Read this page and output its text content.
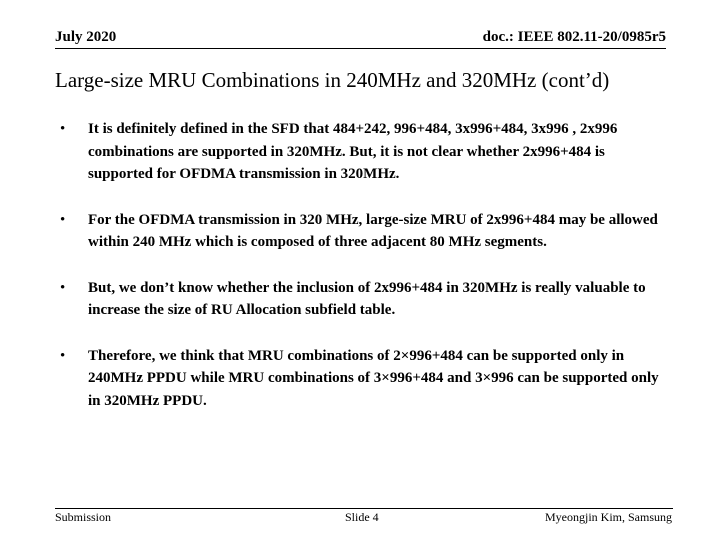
July 2020	doc.: IEEE 802.11-20/0985r5
Large-size MRU Combinations in 240MHz and 320MHz (cont’d)
• It is definitely defined in the SFD that 484+242, 996+484, 3x996+484, 3x996 , 2x996 combinations are supported in 320MHz. But, it is not clear whether 2x996+484 is supported for OFDMA transmission in 320MHz.
• For the OFDMA transmission in 320 MHz, large-size MRU of 2x996+484 may be allowed within 240 MHz which is composed of three adjacent 80 MHz segments.
• But, we don’t know whether the inclusion of 2x996+484 in 320MHz is really valuable to increase the size of RU Allocation subfield table.
• Therefore, we think that MRU combinations of 2×996+484 can be supported only in 240MHz PPDU while MRU combinations of 3×996+484 and 3×996 can be supported only in 320MHz PPDU.
Submission	Slide 4	Myeongjin Kim, Samsung
